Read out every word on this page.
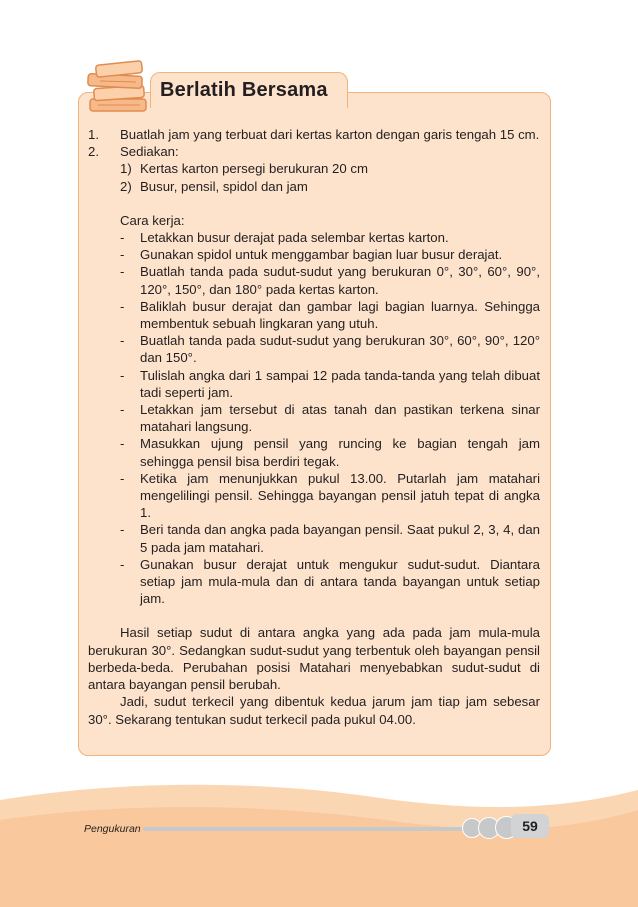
Berlatih Bersama
1.	Buatlah jam yang terbuat dari kertas karton dengan garis tengah 15 cm.
2.	Sediakan:
1) Kertas karton persegi berukuran 20 cm
2) Busur, pensil, spidol dan jam
Cara kerja:
-	Letakkan busur derajat pada selembar kertas karton.
-	Gunakan spidol untuk menggambar bagian luar busur derajat.
-	Buatlah tanda pada sudut-sudut yang berukuran 0°, 30°, 60°, 90°, 120°, 150°, dan 180° pada kertas karton.
-	Baliklah busur derajat dan gambar lagi bagian luarnya. Sehingga membentuk sebuah lingkaran yang utuh.
-	Buatlah tanda pada sudut-sudut yang berukuran 30°, 60°, 90°, 120° dan 150°.
-	Tulislah angka dari 1 sampai 12 pada tanda-tanda yang telah dibuat tadi seperti jam.
-	Letakkan jam tersebut di atas tanah dan pastikan terkena sinar matahari langsung.
-	Masukkan ujung pensil yang runcing ke bagian tengah jam sehingga pensil bisa berdiri tegak.
-	Ketika jam menunjukkan pukul 13.00. Putarlah jam matahari mengelilingi pensil. Sehingga bayangan pensil jatuh tepat di angka 1.
-	Beri tanda dan angka pada bayangan pensil. Saat pukul 2, 3, 4, dan 5 pada jam matahari.
-	Gunakan busur derajat untuk mengukur sudut-sudut. Diantara setiap jam mula-mula dan di antara tanda bayangan untuk setiap jam.

Hasil setiap sudut di antara angka yang ada pada jam mula-mula berukuran 30°. Sedangkan sudut-sudut yang terbentuk oleh bayangan pensil berbeda-beda. Perubahan posisi Matahari menyebabkan sudut-sudut di antara bayangan pensil berubah.

Jadi, sudut terkecil yang dibentuk kedua jarum jam tiap jam sebesar 30°. Sekarang tentukan sudut terkecil pada pukul 04.00.

Pengukuran	59
